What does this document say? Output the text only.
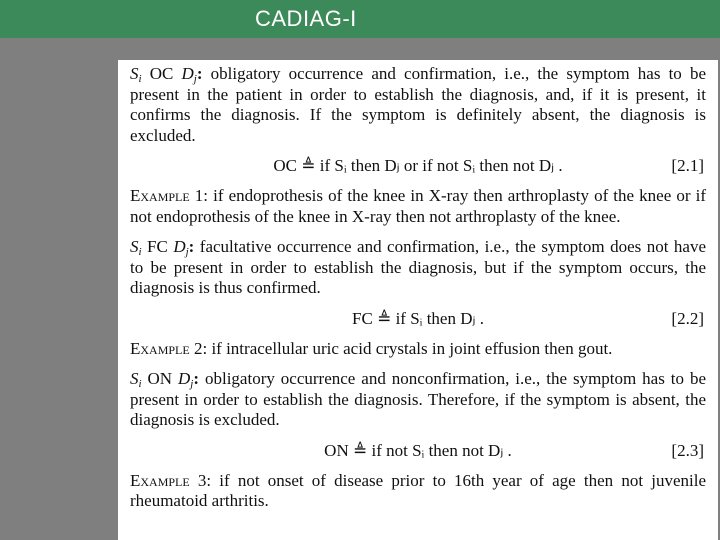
CADIAG-I

$S_i$ OC $D_j$: obligatory occurrence and confirmation, i.e., the symptom has to be present in the patient in order to establish the diagnosis, and, if it is present, it confirms the diagnosis. If the symptom is definitely absent, the diagnosis is excluded.

OC ≜ if Sᵢ then Dⱼ or if not Sᵢ then not Dⱼ .	[2.1]

Example 1: if endoprothesis of the knee in X-ray then arthroplasty of the knee or if not endoprothesis of the knee in X-ray then not arthroplasty of the knee.

$S_i$ FC $D_j$: facultative occurrence and confirmation, i.e., the symptom does not have to be present in order to establish the diagnosis, but if the symptom occurs, the diagnosis is thus confirmed.

FC ≜ if Sᵢ then Dⱼ .	[2.2]

Example 2: if intracellular uric acid crystals in joint effusion then gout.

$S_i$ ON $D_j$: obligatory occurrence and nonconfirmation, i.e., the symptom has to be present in order to establish the diagnosis. Therefore, if the symptom is absent, the diagnosis is excluded.

ON ≜ if not Sᵢ then not Dⱼ .	[2.3]

Example 3: if not onset of disease prior to 16th year of age then not juvenile rheumatoid arthritis.
